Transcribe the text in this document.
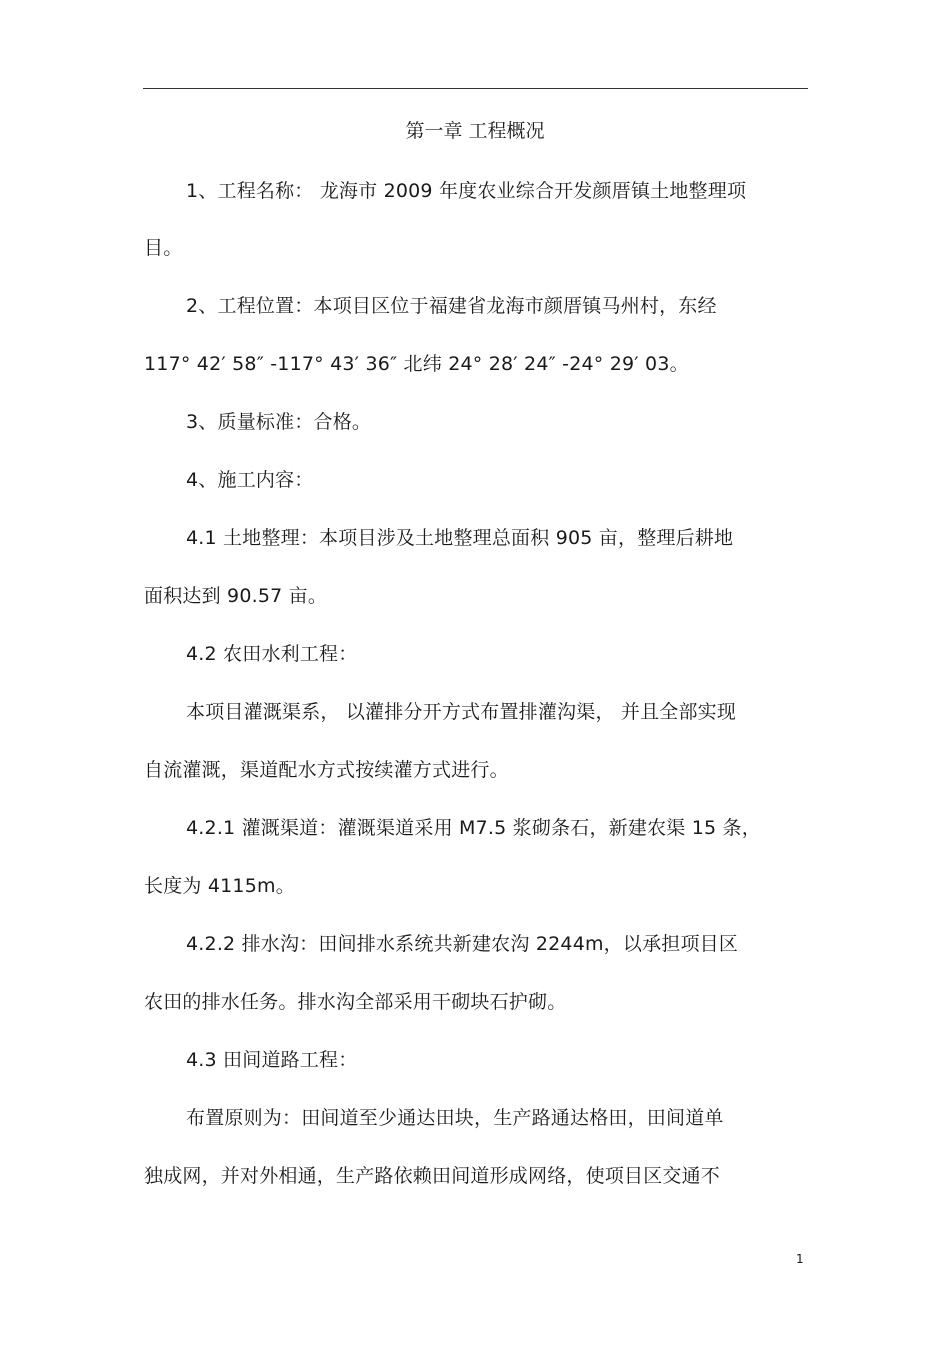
第一章 工程概况
1、工程名称： 龙海市 2009 年度农业综合开发颜厝镇土地整理项
目。
2、工程位置：本项目区位于福建省龙海市颜厝镇马州村，东经
117° 42′ 58″ -117° 43′ 36″ 北纬 24° 28′ 24″ -24° 29′ 03。
3、质量标准：合格。
4、施工内容：
4.1 土地整理：本项目涉及土地整理总面积 905 亩，整理后耕地
面积达到 90.57 亩。
4.2 农田水利工程：
本项目灌溉渠系， 以灌排分开方式布置排灌沟渠， 并且全部实现
自流灌溉，渠道配水方式按续灌方式进行。
4.2.1 灌溉渠道：灌溉渠道采用 M7.5 浆砌条石，新建农渠 15 条，
长度为 4115m。
4.2.2 排水沟：田间排水系统共新建农沟 2244m，以承担项目区
农田的排水任务。排水沟全部采用干砌块石护砌。
4.3 田间道路工程：
布置原则为：田间道至少通达田块，生产路通达格田，田间道单
独成网，并对外相通，生产路依赖田间道形成网络，使项目区交通不
1
